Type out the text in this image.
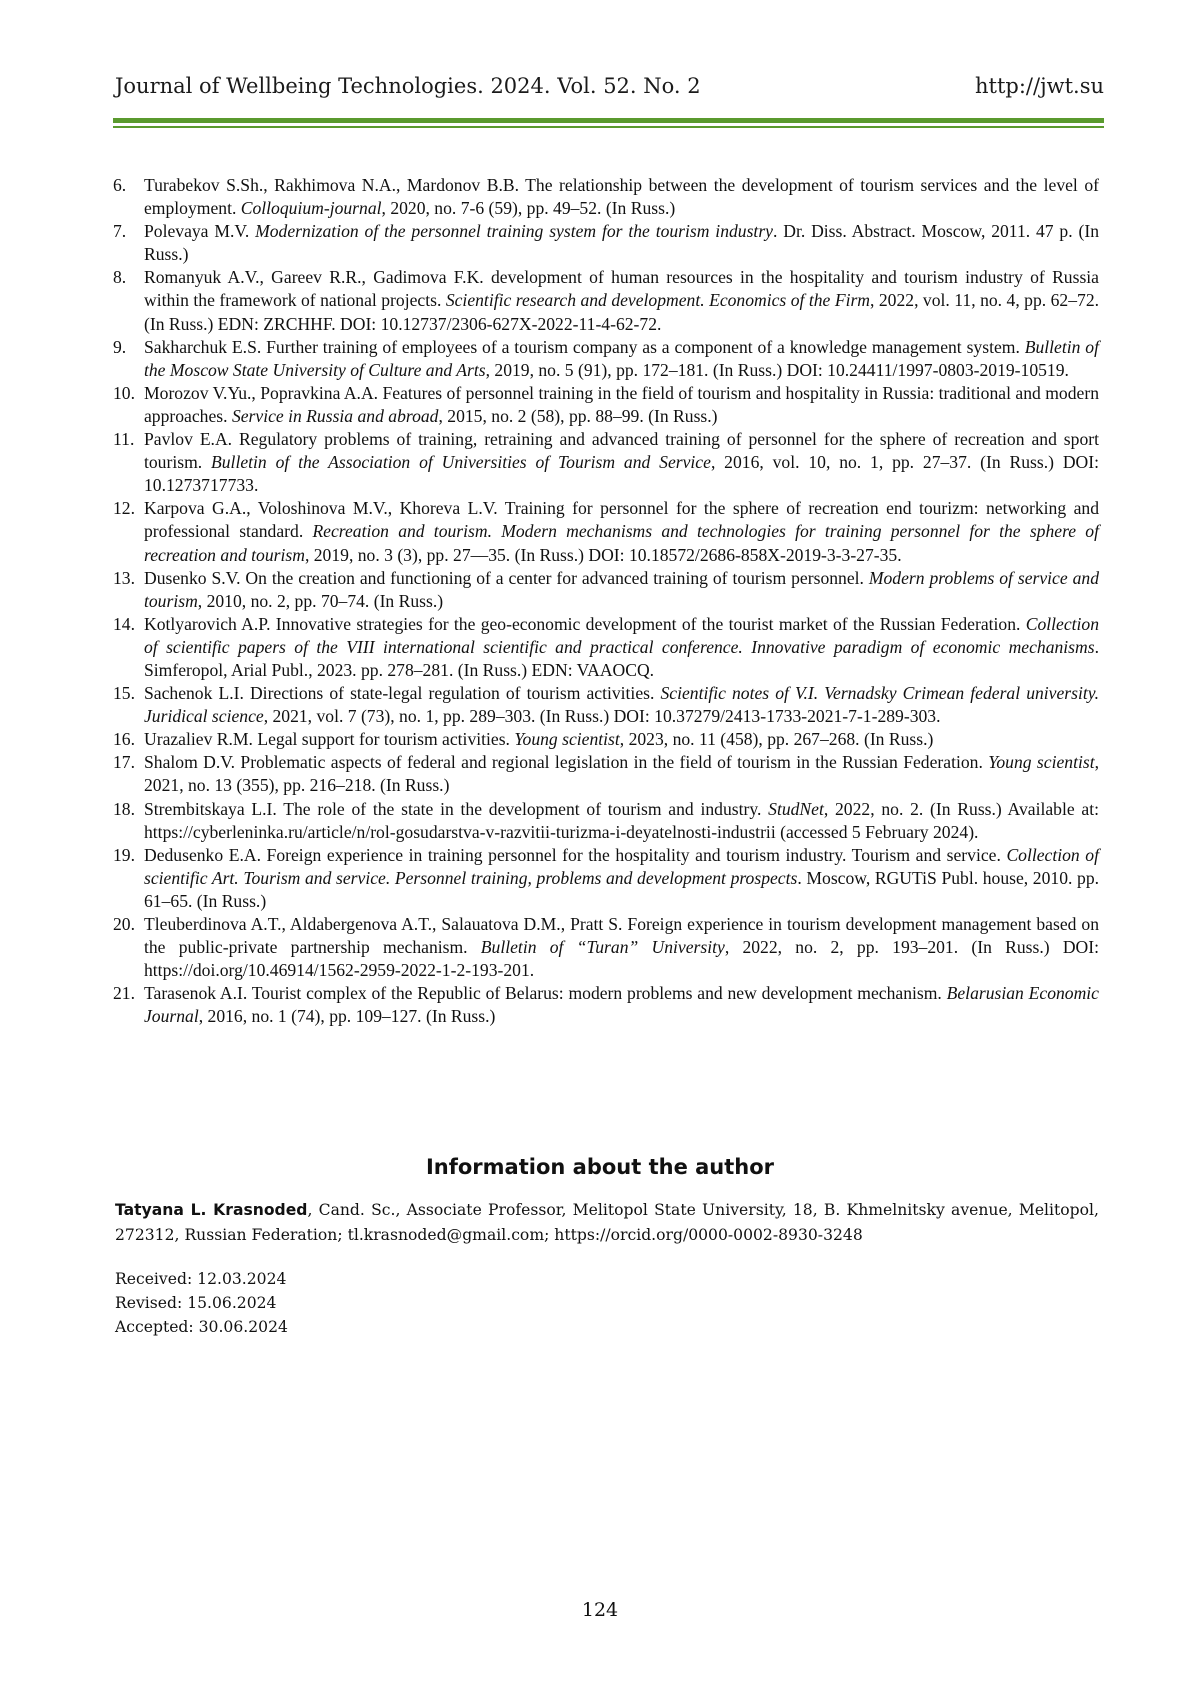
Journal of Wellbeing Technologies. 2024. Vol. 52. No. 2	http://jwt.su
6. Turabekov S.Sh., Rakhimova N.A., Mardonov B.B. The relationship between the development of tourism services and the level of employment. Colloquium-journal, 2020, no. 7-6 (59), pp. 49–52. (In Russ.)
7. Polevaya M.V. Modernization of the personnel training system for the tourism industry. Dr. Diss. Abstract. Moscow, 2011. 47 p. (In Russ.)
8. Romanyuk A.V., Gareev R.R., Gadimova F.K. development of human resources in the hospitality and tourism industry of Russia within the framework of national projects. Scientific research and development. Economics of the Firm, 2022, vol. 11, no. 4, pp. 62–72. (In Russ.) EDN: ZRCHHF. DOI: 10.12737/2306-627X-2022-11-4-62-72.
9. Sakharchuk E.S. Further training of employees of a tourism company as a component of a knowledge management system. Bulletin of the Moscow State University of Culture and Arts, 2019, no. 5 (91), pp. 172–181. (In Russ.) DOI: 10.24411/1997-0803-2019-10519.
10. Morozov V.Yu., Popravkina A.A. Features of personnel training in the field of tourism and hospitality in Russia: traditional and modern approaches. Service in Russia and abroad, 2015, no. 2 (58), pp. 88–99. (In Russ.)
11. Pavlov E.A. Regulatory problems of training, retraining and advanced training of personnel for the sphere of recreation and sport tourism. Bulletin of the Association of Universities of Tourism and Service, 2016, vol. 10, no. 1, pp. 27–37. (In Russ.) DOI: 10.1273717733.
12. Karpova G.A., Voloshinova M.V., Khoreva L.V. Training for personnel for the sphere of recreation end tourizm: networking and professional standard. Recreation and tourism. Modern mechanisms and technologies for training personnel for the sphere of recreation and tourism, 2019, no. 3 (3), pp. 27–‒35. (In Russ.) DOI: 10.18572/2686-858X-2019-3-3-27-35.
13. Dusenko S.V. On the creation and functioning of a center for advanced training of tourism personnel. Modern problems of service and tourism, 2010, no. 2, pp. 70–74. (In Russ.)
14. Kotlyarovich A.P. Innovative strategies for the geo-economic development of the tourist market of the Russian Federation. Collection of scientific papers of the VIII international scientific and practical conference. Innovative paradigm of economic mechanisms. Simferopol, Arial Publ., 2023. pp. 278–281. (In Russ.) EDN: VAAOCQ.
15. Sachenok L.I. Directions of state-legal regulation of tourism activities. Scientific notes of V.I. Vernadsky Crimean federal university. Juridical science, 2021, vol. 7 (73), no. 1, pp. 289–303. (In Russ.) DOI: 10.37279/2413-1733-2021-7-1-289-303.
16. Urazaliev R.M. Legal support for tourism activities. Young scientist, 2023, no. 11 (458), pp. 267–268. (In Russ.)
17. Shalom D.V. Problematic aspects of federal and regional legislation in the field of tourism in the Russian Federation. Young scientist, 2021, no. 13 (355), pp. 216–218. (In Russ.)
18. Strembitskaya L.I. The role of the state in the development of tourism and industry. StudNet, 2022, no. 2. (In Russ.) Available at: https://cyberleninka.ru/article/n/rol-gosudarstva-v-razvitii-turizma-i-deyatelnosti-industrii (accessed 5 February 2024).
19. Dedusenko E.A. Foreign experience in training personnel for the hospitality and tourism industry. Tourism and service. Collection of scientific Art. Tourism and service. Personnel training, problems and development prospects. Moscow, RGUTiS Publ. house, 2010. pp. 61–65. (In Russ.)
20. Tleuberdinova A.T., Aldabergenova A.T., Salauatova D.M., Pratt S. Foreign experience in tourism development management based on the public-private partnership mechanism. Bulletin of “Turan” University, 2022, no. 2, pp. 193–201. (In Russ.) DOI: https://doi.org/10.46914/1562-2959-2022-1-2-193-201.
21. Tarasenok A.I. Tourist complex of the Republic of Belarus: modern problems and new development mechanism. Belarusian Economic Journal, 2016, no. 1 (74), pp. 109–127. (In Russ.)
Information about the author
Tatyana L. Krasnoded, Cand. Sc., Associate Professor, Melitopol State University, 18, B. Khmelnitsky avenue, Melitopol, 272312, Russian Federation; tl.krasnoded@gmail.com; https://orcid.org/0000-0002-8930-3248
Received: 12.03.2024
Revised: 15.06.2024
Accepted: 30.06.2024
124
